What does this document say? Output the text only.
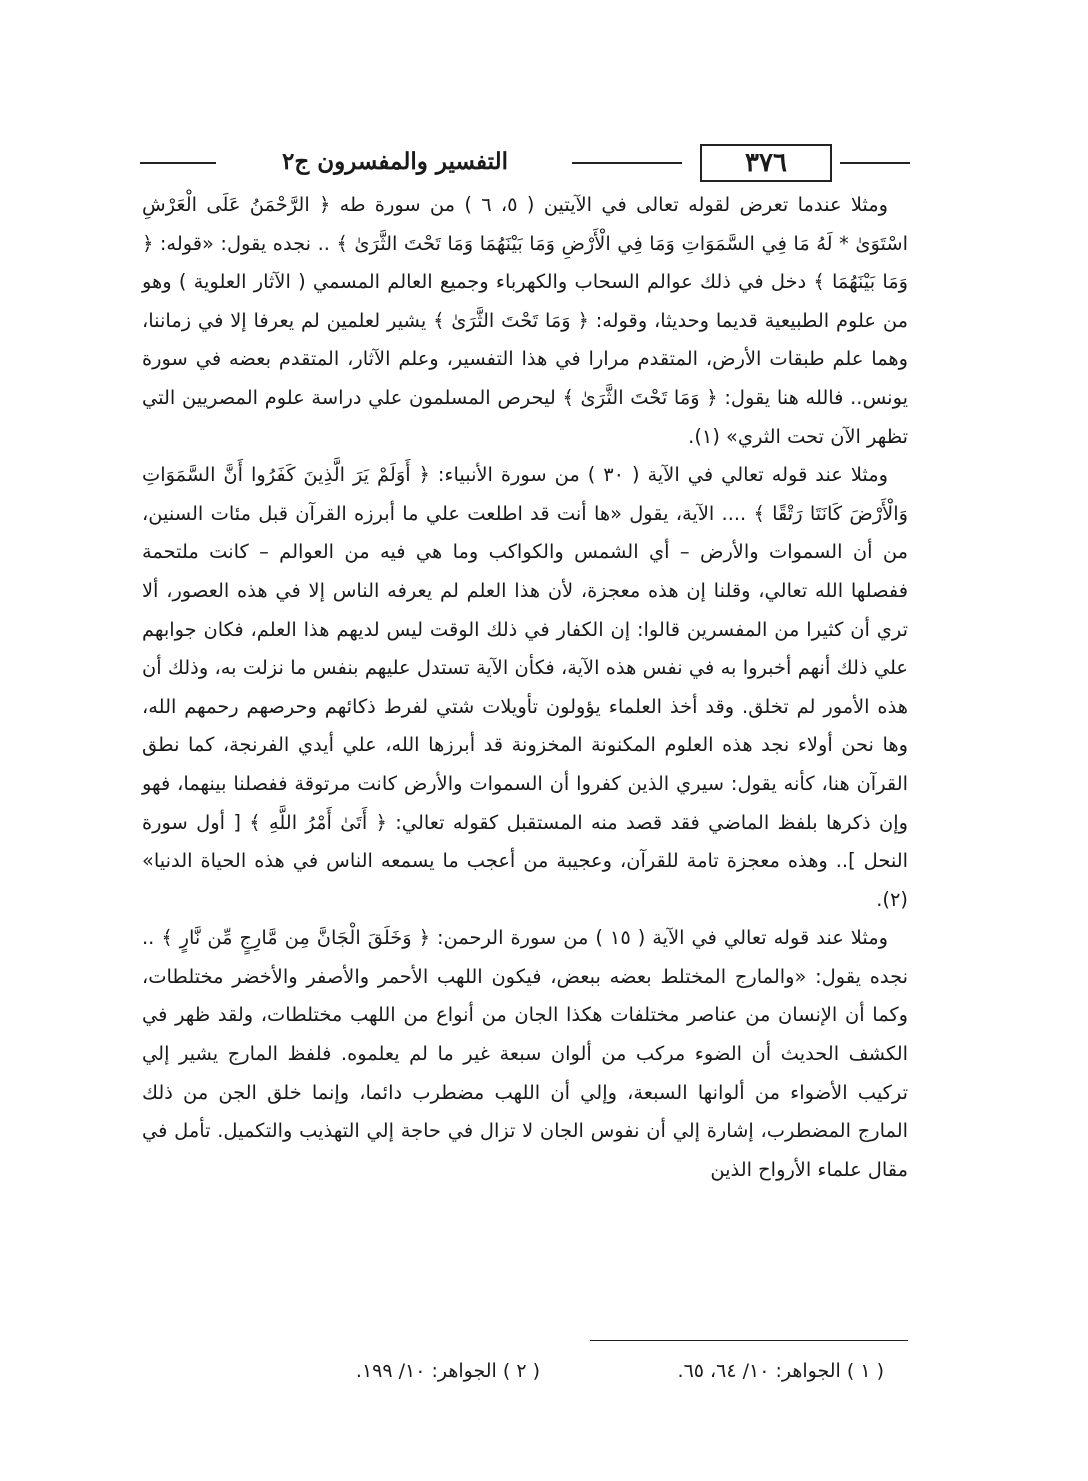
التفسير والمفسرون ج٢	٣٧٦

ومثلا عندما تعرض لقوله تعالى في الآيتين ( ٥، ٦ ) من سورة طه ﴿ الرَّحْمَنُ عَلَى الْعَرْشِ اسْتَوَىٰ * لَهُ مَا فِي السَّمَوَاتِ وَمَا فِي الْأَرْضِ وَمَا بَيْنَهُمَا وَمَا تَحْتَ الثَّرَىٰ ﴾ .. نجده يقول: «قوله: ﴿ وَمَا بَيْنَهُمَا ﴾ دخل في ذلك عوالم السحاب والكهرباء وجميع العالم المسمي ( الآثار العلوية ) وهو من علوم الطبيعية قديما وحديثا، وقوله: ﴿ وَمَا تَحْتَ الثَّرَىٰ ﴾ يشير لعلمين لم يعرفا إلا في زماننا، وهما علم طبقات الأرض، المتقدم مرارا في هذا التفسير، وعلم الآثار، المتقدم بعضه في سورة يونس.. فالله هنا يقول: ﴿ وَمَا تَحْتَ الثَّرَىٰ ﴾ ليحرص المسلمون علي دراسة علوم المصريين التي تظهر الآن تحت الثري» (١).

ومثلا عند قوله تعالي في الآية ( ٣٠ ) من سورة الأنبياء: ﴿ أَوَلَمْ يَرَ الَّذِينَ كَفَرُوا أَنَّ السَّمَوَاتِ وَالْأَرْضَ كَانَتَا رَتْقًا ﴾ .... الآية، يقول «ها أنت قد اطلعت علي ما أبرزه القرآن قبل مئات السنين، من أن السموات والأرض – أي الشمس والكواكب وما هي فيه من العوالم – كانت ملتحمة ففصلها الله تعالي، وقلنا إن هذه معجزة، لأن هذا العلم لم يعرفه الناس إلا في هذه العصور، ألا تري أن كثيرا من المفسرين قالوا: إن الكفار في ذلك الوقت ليس لديهم هذا العلم، فكان جوابهم علي ذلك أنهم أخبروا به في نفس هذه الآية، فكأن الآية تستدل عليهم بنفس ما نزلت به، وذلك أن هذه الأمور لم تخلق. وقد أخذ العلماء يؤولون تأويلات شتي لفرط ذكائهم وحرصهم رحمهم الله، وها نحن أولاء نجد هذه العلوم المكنونة المخزونة قد أبرزها الله، علي أيدي الفرنجة، كما نطق القرآن هنا، كأنه يقول: سيري الذين كفروا أن السموات والأرض كانت مرتوقة ففصلنا بينهما، فهو وإن ذكرها بلفظ الماضي فقد قصد منه المستقبل كقوله تعالي: ﴿ أَتَىٰ أَمْرُ اللَّهِ ﴾ [ أول سورة النحل ].. وهذه معجزة تامة للقرآن، وعجيبة من أعجب ما يسمعه الناس في هذه الحياة الدنيا» (٢).

ومثلا عند قوله تعالي في الآية ( ١٥ ) من سورة الرحمن: ﴿ وَخَلَقَ الْجَانَّ مِن مَّارِجٍ مِّن نَّارٍ ﴾ .. نجده يقول: «والمارج المختلط بعضه ببعض، فيكون اللهب الأحمر والأصفر والأخضر مختلطات، وكما أن الإنسان من عناصر مختلفات هكذا الجان من أنواع من اللهب مختلطات، ولقد ظهر في الكشف الحديث أن الضوء مركب من ألوان سبعة غير ما لم يعلموه. فلفظ المارج يشير إلي تركيب الأضواء من ألوانها السبعة، وإلي أن اللهب مضطرب دائما، وإنما خلق الجن من ذلك المارج المضطرب، إشارة إلي أن نفوس الجان لا تزال في حاجة إلي التهذيب والتكميل. تأمل في مقال علماء الأرواح الذين

( ١ ) الجواهر: ١٠/ ٦٤، ٦٥.
( ٢ ) الجواهر: ١٠/ ١٩٩.
